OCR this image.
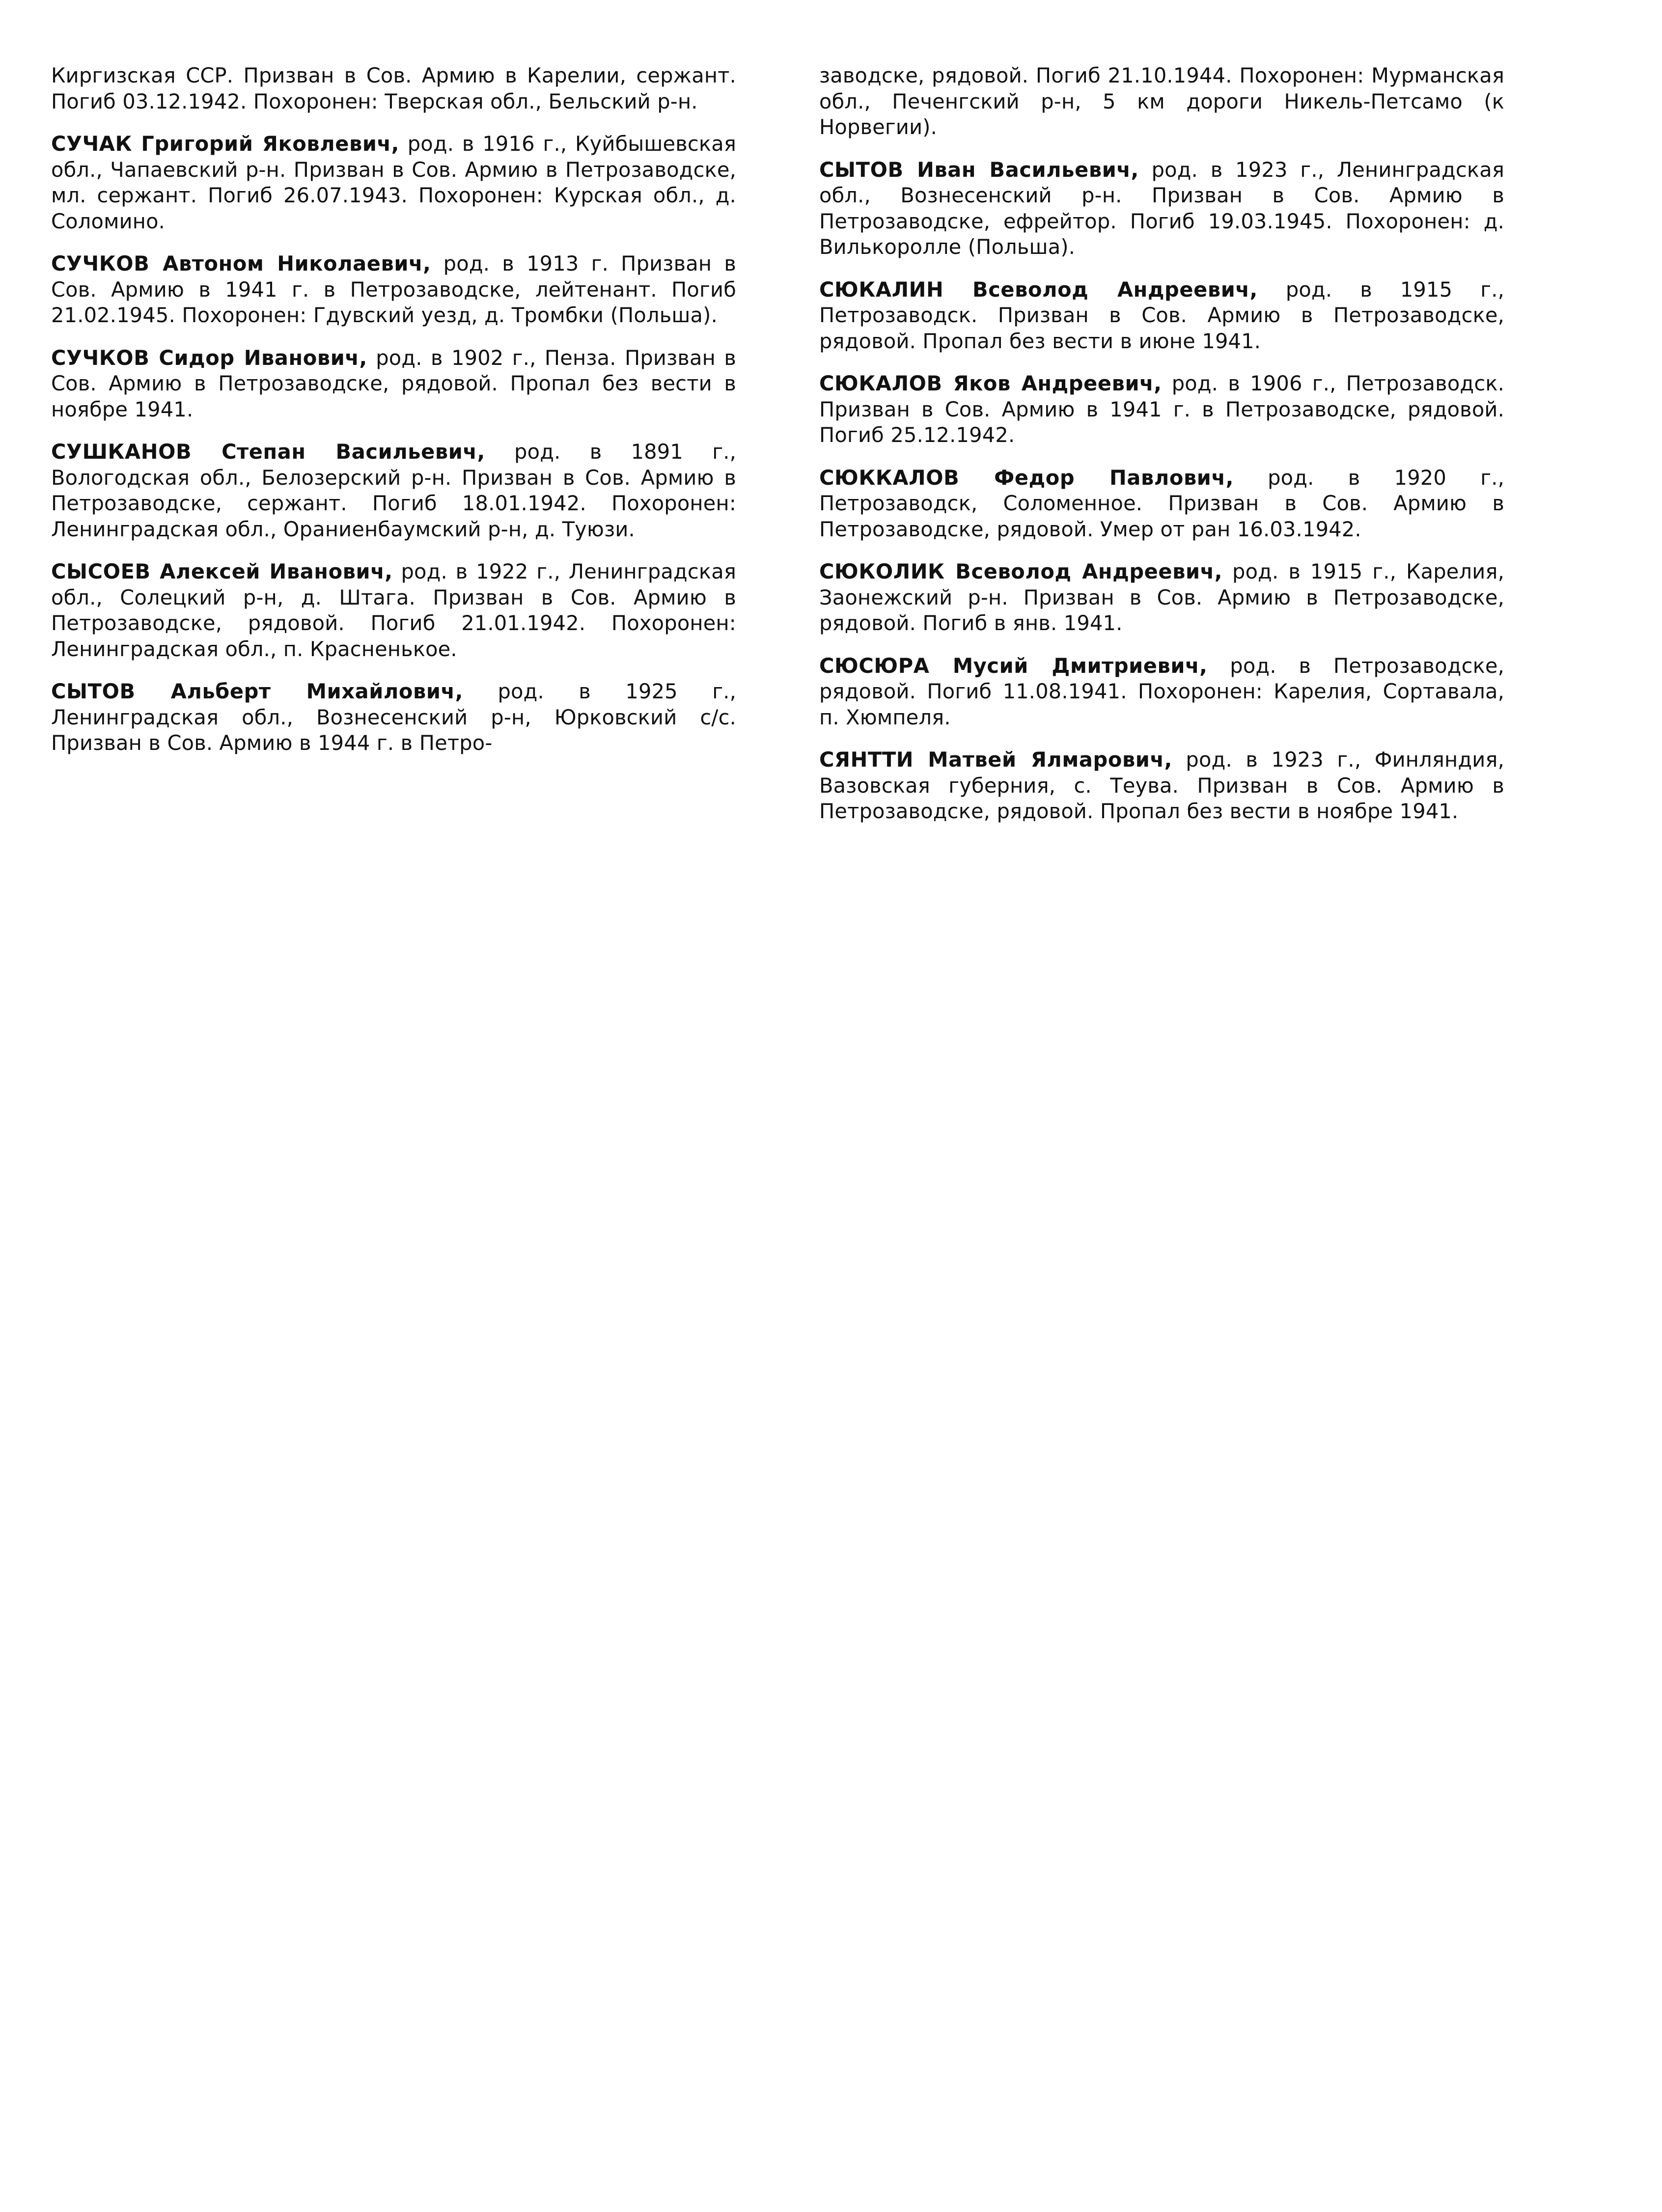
Киргизская ССР. Призван в Сов. Армию в Карелии, сержант. Погиб 03.12.1942. Похоронен: Тверская обл., Бельский р-н.

СУЧАК Григорий Яковлевич, род. в 1916 г., Куйбышевская обл., Чапаевский р-н. Призван в Сов. Армию в Петрозаводске, мл. сержант. Погиб 26.07.1943. Похоронен: Курская обл., д. Соломино.

СУЧКОВ Автоном Николаевич, род. в 1913 г. Призван в Сов. Армию в 1941 г. в Петрозаводске, лейтенант. Погиб 21.02.1945. Похоронен: Гдувский уезд, д. Тромбки (Польша).

СУЧКОВ Сидор Иванович, род. в 1902 г., Пенза. Призван в Сов. Армию в Петрозаводске, рядовой. Пропал без вести в ноябре 1941.

СУШКАНОВ Степан Васильевич, род. в 1891 г., Вологодская обл., Белозерский р-н. Призван в Сов. Армию в Петрозаводске, сержант. Погиб 18.01.1942. Похоронен: Ленинградская обл., Ораниенбаумский р-н, д. Туюзи.

СЫСОЕВ Алексей Иванович, род. в 1922 г., Ленинградская обл., Солецкий р-н, д. Штага. Призван в Сов. Армию в Петрозаводске, рядовой. Погиб 21.01.1942. Похоронен: Ленинградская обл., п. Красненькое.

СЫТОВ Альберт Михайлович, род. в 1925 г., Ленинградская обл., Вознесенский р-н, Юрковский с/с. Призван в Сов. Армию в 1944 г. в Петро-

заводске, рядовой. Погиб 21.10.1944. Похоронен: Мурманская обл., Печенгский р-н, 5 км дороги Никель-Петсамо (к Норвегии).

СЫТОВ Иван Васильевич, род. в 1923 г., Ленинградская обл., Вознесенский р-н. Призван в Сов. Армию в Петрозаводске, ефрейтор. Погиб 19.03.1945. Похоронен: д. Вилькоролле (Польша).

СЮКАЛИН Всеволод Андреевич, род. в 1915 г., Петрозаводск. Призван в Сов. Армию в Петрозаводске, рядовой. Пропал без вести в июне 1941.

СЮКАЛОВ Яков Андреевич, род. в 1906 г., Петрозаводск. Призван в Сов. Армию в 1941 г. в Петрозаводске, рядовой. Погиб 25.12.1942.

СЮККАЛОВ Федор Павлович, род. в 1920 г., Петрозаводск, Соломенное. Призван в Сов. Армию в Петрозаводске, рядовой. Умер от ран 16.03.1942.

СЮКОЛИК Всеволод Андреевич, род. в 1915 г., Карелия, Заонежский р-н. Призван в Сов. Армию в Петрозаводске, рядовой. Погиб в янв. 1941.

СЮСЮРА Мусий Дмитриевич, род. в Петрозаводске, рядовой. Погиб 11.08.1941. Похоронен: Карелия, Сортавала, п. Хюмпеля.

СЯНТТИ Матвей Ялмарович, род. в 1923 г., Финляндия, Вазовская губерния, с. Теува. Призван в Сов. Армию в Петрозаводске, рядовой. Пропал без вести в ноябре 1941.
